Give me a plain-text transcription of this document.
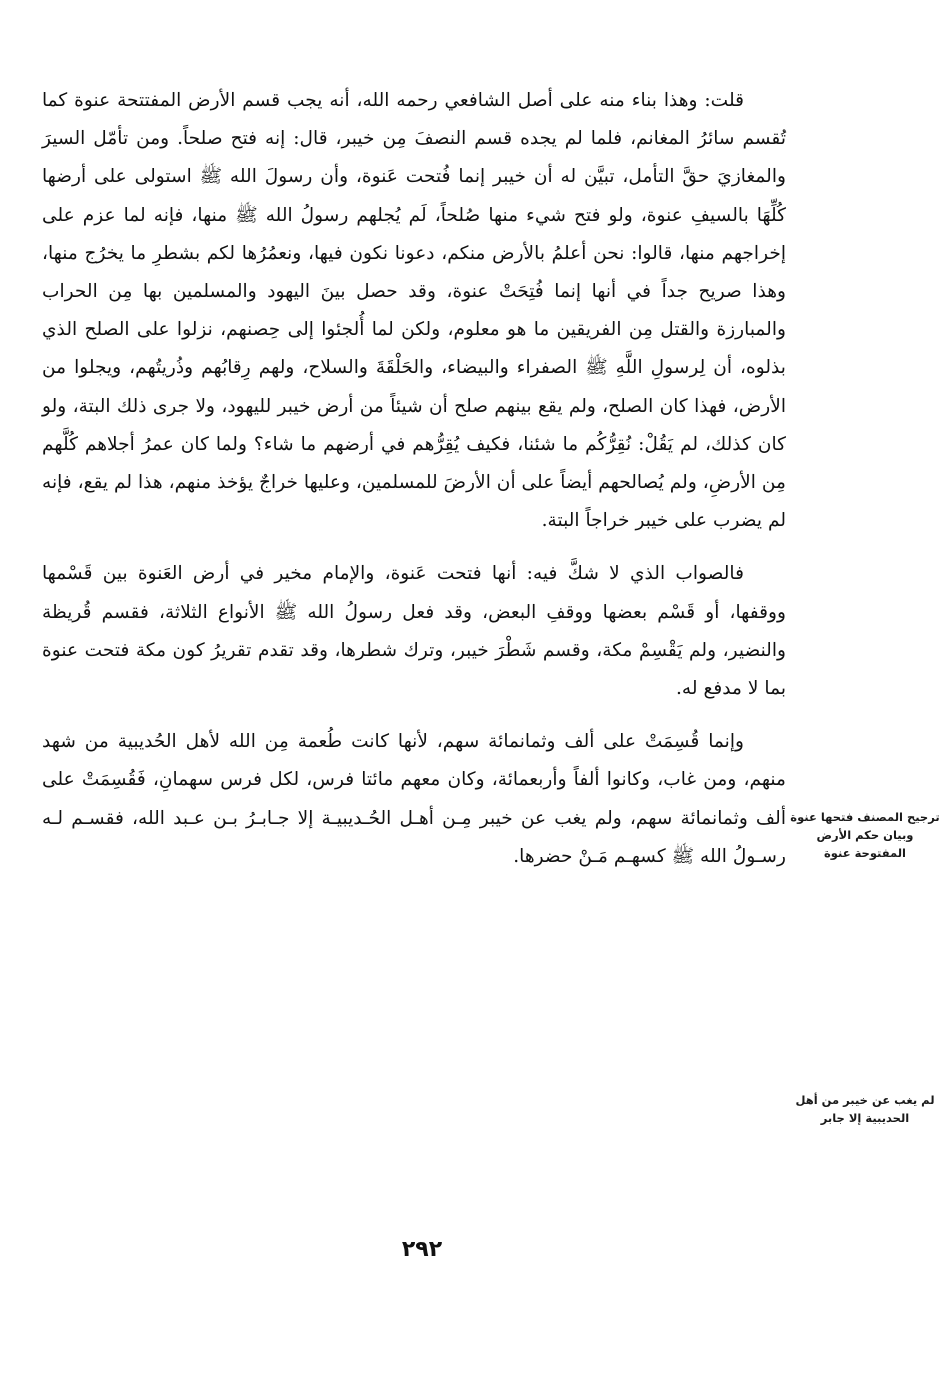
قلت: وهذا بناء منه على أصل الشافعي رحمه الله، أنه يجب قسم الأرض المفتتحة عنوة كما تُقسم سائرُ المغانم، فلما لم يجده قسم النصفَ مِن خيبر، قال: إنه فتح صلحاً. ومن تأمّل السيرَ والمغازيَ حقَّ التأمل، تبيَّن له أن خيبر إنما فُتحت عَنوة، وأن رسولَ الله ﷺ استولى على أرضها كُلِّهَا بالسيفِ عنوة، ولو فتح شيء منها صُلحاً، لَم يُجلهم رسولُ الله ﷺ منها، فإنه لما عزم على إخراجهم منها، قالوا: نحن أعلمُ بالأرض منكم، دعونا نكون فيها، ونعمُرُها لكم بشطرِ ما يخرُج منها، وهذا صريح جداً في أنها إنما فُتِحَتْ عنوة، وقد حصل بينَ اليهود والمسلمين بها مِن الحراب والمبارزة والقتل مِن الفريقين ما هو معلوم، ولكن لما أُلجئوا إلى حِصنهم، نزلوا على الصلح الذي بذلوه، أن لِرسولِ اللَّهِ ﷺ الصفراء والبيضاء، والحَلْقَةَ والسلاح، ولهم رِقابُهم وذُريتُهم، ويجلوا من الأرض، فهذا كان الصلح، ولم يقع بينهم صلح أن شيئاً من أرض خيبر لليهود، ولا جرى ذلك البتة، ولو كان كذلك، لم يَقُلْ: نُقِرُّكُم ما شئنا، فكيف يُقِرُّهم في أرضهم ما شاء؟ ولما كان عمرُ أجلاهم كُلَّهم مِن الأرضِ، ولم يُصالحهم أيضاً على أن الأرضَ للمسلمين، وعليها خراجٌ يؤخذ منهم، هذا لم يقع، فإنه لم يضرب على خيبر خراجاً البتة.

فالصواب الذي لا شكَّ فيه: أنها فتحت عَنوة، والإمام مخير في أرض العَنوة بين قَسْمها ووقفها، أو قَسْم بعضها ووقفِ البعض، وقد فعل رسولُ الله ﷺ الأنواع الثلاثة، فقسم قُريظة والنضير، ولم يَقْسِمْ مكة، وقسم شَطْرَ خيبر، وترك شطرها، وقد تقدم تقريرُ كون مكة فتحت عنوة بما لا مدفع له.

وإنما قُسِمَتْ على ألف وثمانمائة سهم، لأنها كانت طُعمة مِن الله لأهل الحُديبية من شهد منهم، ومن غاب، وكانوا ألفاً وأربعمائة، وكان معهم مائتا فرس، لكل فرس سهمانِ، فَقُسِمَتْ على ألف وثمانمائة سهم، ولم يغب عن خيبر مِـن أهـل الحُـديبيـة إلا جـابـرُ بـن عـبد الله، فقسـم لـه رسـولُ الله ﷺ كسهـم مَـنْ حضرها.

ترجيح المصنف فتحها عنوة وبيان حكم الأرض المفتوحة عنوة
لم يغب عن خيبر من أهل الحديبية إلا جابر
٢٩٢
